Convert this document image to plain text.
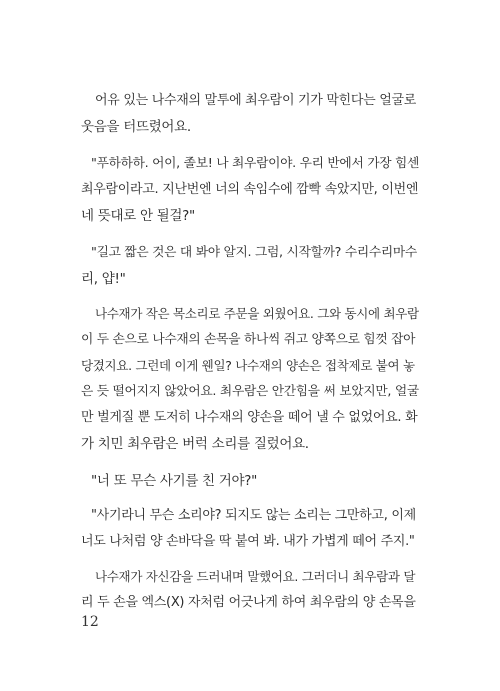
어유 있는 나수재의 말투에 최우람이 기가 막힌다는 얼굴로
웃음을 터뜨렸어요.
"푸하하하. 어이, 졸보! 나 최우람이야. 우리 반에서 가장 힘센
최우람이라고. 지난번엔 너의 속임수에 깜빡 속았지만, 이번엔
네 뜻대로 안 될걸?"
"길고 짧은 것은 대 봐야 알지. 그럼, 시작할까? 수리수리마수
리, 얍!"
나수재가 작은 목소리로 주문을 외웠어요. 그와 동시에 최우람
이 두 손으로 나수재의 손목을 하나씩 쥐고 양쪽으로 힘껏 잡아
당겼지요. 그런데 이게 웬일? 나수재의 양손은 접착제로 붙여 놓
은 듯 떨어지지 않았어요. 최우람은 안간힘을 써 보았지만, 얼굴
만 벌게질 뿐 도저히 나수재의 양손을 떼어 낼 수 없었어요. 화
가 치민 최우람은 버럭 소리를 질렀어요.
"너 또 무슨 사기를 친 거야?"
"사기라니 무슨 소리야? 되지도 않는 소리는 그만하고, 이제
너도 나처럼 양 손바닥을 딱 붙여 봐. 내가 가볍게 떼어 주지."
나수재가 자신감을 드러내며 말했어요. 그러더니 최우람과 달
리 두 손을 엑스(X) 자처럼 어긋나게 하여 최우람의 양 손목을
12
